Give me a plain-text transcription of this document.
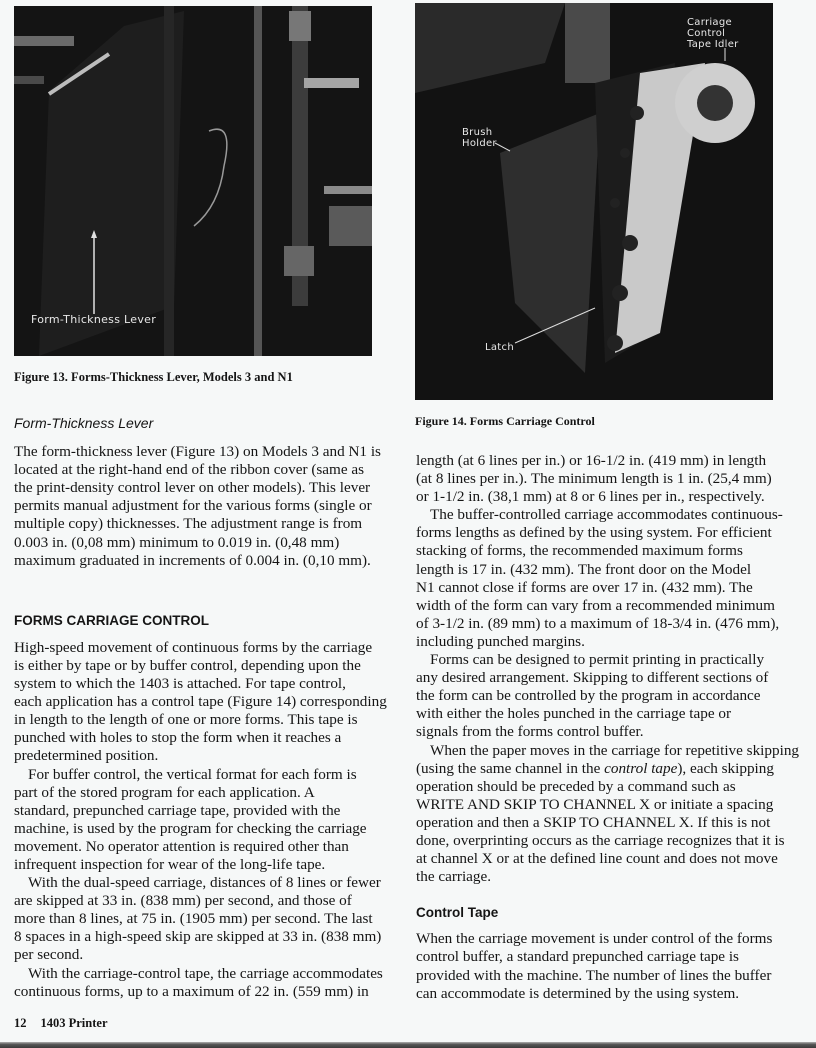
Form-Thickness Lever
Figure 13. Forms-Thickness Lever, Models 3 and N1
Carriage Control
Tape Idler
Brush
Holder
Latch
Figure 14. Forms Carriage Control

Form-Thickness Lever

The form-thickness lever (Figure 13) on Models 3 and N1 is
located at the right-hand end of the ribbon cover (same as
the print-density control lever on other models). This lever
permits manual adjustment for the various forms (single or
multiple copy) thicknesses. The adjustment range is from
0.003 in. (0,08 mm) minimum to 0.019 in. (0,48 mm)
maximum graduated in increments of 0.004 in. (0,10 mm).

FORMS CARRIAGE CONTROL

High-speed movement of continuous forms by the carriage
is either by tape or by buffer control, depending upon the
system to which the 1403 is attached. For tape control,
each application has a control tape (Figure 14) corresponding
in length to the length of one or more forms. This tape is
punched with holes to stop the form when it reaches a
predetermined position.

For buffer control, the vertical format for each form is
part of the stored program for each application. A
standard, prepunched carriage tape, provided with the
machine, is used by the program for checking the carriage
movement. No operator attention is required other than
infrequent inspection for wear of the long-life tape.

With the dual-speed carriage, distances of 8 lines or fewer
are skipped at 33 in. (838 mm) per second, and those of
more than 8 lines, at 75 in. (1905 mm) per second. The last
8 spaces in a high-speed skip are skipped at 33 in. (838 mm)
per second.

With the carriage-control tape, the carriage accommodates
continuous forms, up to a maximum of 22 in. (559 mm) in

length (at 6 lines per in.) or 16-1/2 in. (419 mm) in length
(at 8 lines per in.). The minimum length is 1 in. (25,4 mm)
or 1-1/2 in. (38,1 mm) at 8 or 6 lines per in., respectively.

The buffer-controlled carriage accommodates continuous-
forms lengths as defined by the using system. For efficient
stacking of forms, the recommended maximum forms
length is 17 in. (432 mm). The front door on the Model
N1 cannot close if forms are over 17 in. (432 mm). The
width of the form can vary from a recommended minimum
of 3-1/2 in. (89 mm) to a maximum of 18-3/4 in. (476 mm),
including punched margins.

Forms can be designed to permit printing in practically
any desired arrangement. Skipping to different sections of
the form can be controlled by the program in accordance
with either the holes punched in the carriage tape or
signals from the forms control buffer.

When the paper moves in the carriage for repetitive skipping
(using the same channel in the control tape), each skipping
operation should be preceded by a command such as
WRITE AND SKIP TO CHANNEL X or initiate a spacing
operation and then a SKIP TO CHANNEL X. If this is not
done, overprinting occurs as the carriage recognizes that it is
at channel X or at the defined line count and does not move
the carriage.

Control Tape

When the carriage movement is under control of the forms
control buffer, a standard prepunched carriage tape is
provided with the machine. The number of lines the buffer
can accommodate is determined by the using system.

12 1403 Printer
